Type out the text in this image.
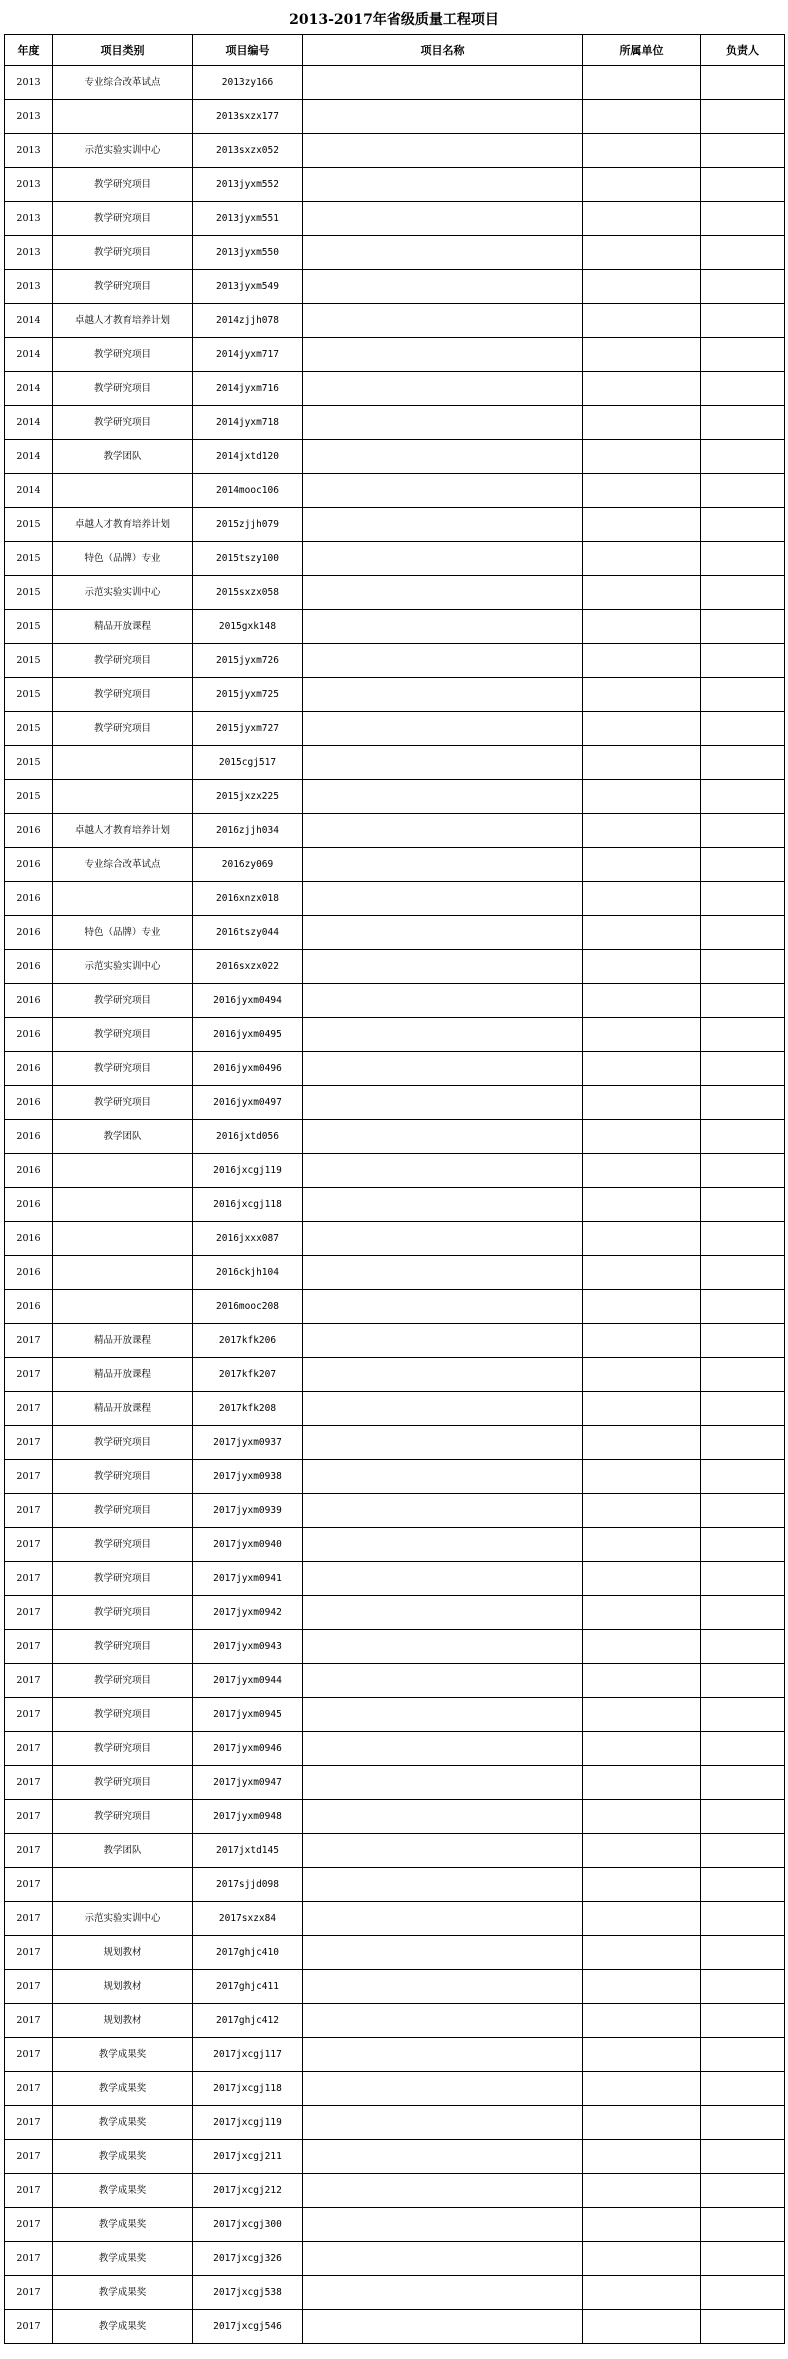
2013-2017年省级质量工程项目
年度	项目类别	项目编号	项目名称	所属单位	负责人
2013	专业综合改革试点	2013zy166			
2013		2013sxzx177			
2013	示范实验实训中心	2013sxzx052			
2013	教学研究项目	2013jyxm552			
2013	教学研究项目	2013jyxm551			
2013	教学研究项目	2013jyxm550			
2013	教学研究项目	2013jyxm549			
2014	卓越人才教育培养计划	2014zjjh078			
2014	教学研究项目	2014jyxm717			
2014	教学研究项目	2014jyxm716			
2014	教学研究项目	2014jyxm718			
2014	教学团队	2014jxtd120			
2014		2014mooc106			
2015	卓越人才教育培养计划	2015zjjh079			
2015	特色（品牌）专业	2015tszy100			
2015	示范实验实训中心	2015sxzx058			
2015	精品开放课程	2015gxk148			
2015	教学研究项目	2015jyxm726			
2015	教学研究项目	2015jyxm725			
2015	教学研究项目	2015jyxm727			
2015		2015cgj517			
2015		2015jxzx225			
2016	卓越人才教育培养计划	2016zjjh034			
2016	专业综合改革试点	2016zy069			
2016		2016xnzx018			
2016	特色（品牌）专业	2016tszy044			
2016	示范实验实训中心	2016sxzx022			
2016	教学研究项目	2016jyxm0494			
2016	教学研究项目	2016jyxm0495			
2016	教学研究项目	2016jyxm0496			
2016	教学研究项目	2016jyxm0497			
2016	教学团队	2016jxtd056			
2016		2016jxcgj119			
2016		2016jxcgj118			
2016		2016jxxx087			
2016		2016ckjh104			
2016		2016mooc208			
2017	精品开放课程	2017kfk206			
2017	精品开放课程	2017kfk207			
2017	精品开放课程	2017kfk208			
2017	教学研究项目	2017jyxm0937			
2017	教学研究项目	2017jyxm0938			
2017	教学研究项目	2017jyxm0939			
2017	教学研究项目	2017jyxm0940			
2017	教学研究项目	2017jyxm0941			
2017	教学研究项目	2017jyxm0942			
2017	教学研究项目	2017jyxm0943			
2017	教学研究项目	2017jyxm0944			
2017	教学研究项目	2017jyxm0945			
2017	教学研究项目	2017jyxm0946			
2017	教学研究项目	2017jyxm0947			
2017	教学研究项目	2017jyxm0948			
2017	教学团队	2017jxtd145			
2017		2017sjjd098			
2017	示范实验实训中心	2017sxzx84			
2017	规划教材	2017ghjc410			
2017	规划教材	2017ghjc411			
2017	规划教材	2017ghjc412			
2017	教学成果奖	2017jxcgj117			
2017	教学成果奖	2017jxcgj118			
2017	教学成果奖	2017jxcgj119			
2017	教学成果奖	2017jxcgj211			
2017	教学成果奖	2017jxcgj212			
2017	教学成果奖	2017jxcgj300			
2017	教学成果奖	2017jxcgj326			
2017	教学成果奖	2017jxcgj538			
2017	教学成果奖	2017jxcgj546			
